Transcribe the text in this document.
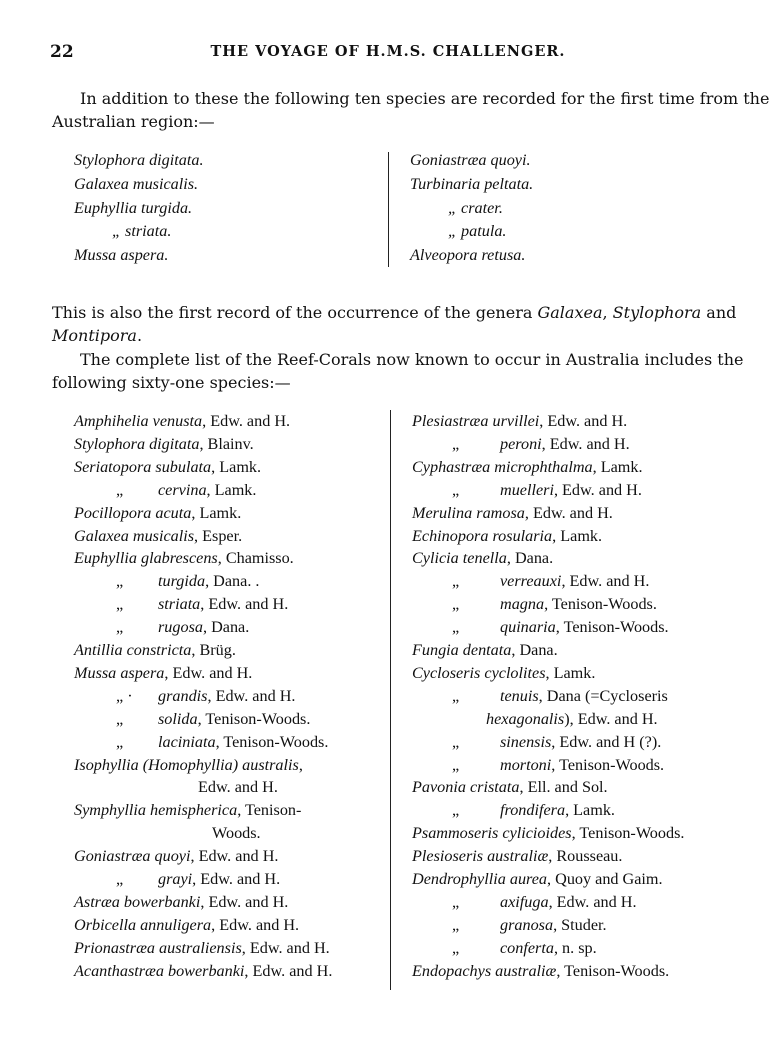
22	THE VOYAGE OF H.M.S. CHALLENGER.
In addition to these the following ten species are recorded for the first time from the
Australian region:—
Stylophora digitata.
Galaxea musicalis.
Euphyllia turgida.
„ striata.
Mussa aspera.
Goniastræa quoyi.
Turbinaria peltata.
„ crater.
„ patula.
Alveopora retusa.
This is also the first record of the occurrence of the genera Galaxea, Stylophora and
Montipora.
The complete list of the Reef-Corals now known to occur in Australia includes the
following sixty-one species:—
Amphihelia venusta, Edw. and H.
Stylophora digitata, Blainv.
Seriatopora subulata, Lamk.
„ cervina, Lamk.
Pocillopora acuta, Lamk.
Galaxea musicalis, Esper.
Euphyllia glabrescens, Chamisso.
„ turgida, Dana. .
„ striata, Edw. and H.
„ rugosa, Dana.
Antillia constricta, Brüg.
Mussa aspera, Edw. and H.
„ · grandis, Edw. and H.
„ solida, Tenison-Woods.
„ laciniata, Tenison-Woods.
Isophyllia (Homophyllia) australis,
Edw. and H.
Symphyllia hemispherica, Tenison-
Woods.
Goniastræa quoyi, Edw. and H.
„ grayi, Edw. and H.
Astræa bowerbanki, Edw. and H.
Orbicella annuligera, Edw. and H.
Prionastræa australiensis, Edw. and H.
Acanthastræa bowerbanki, Edw. and H.
Plesiastræa urvillei, Edw. and H.
„	peroni, Edw. and H.
Cyphastræa microphthalma, Lamk.
„	muelleri, Edw. and H.
Merulina ramosa, Edw. and H.
Echinopora rosularia, Lamk.
Cylicia tenella, Dana.
„	verreauxi, Edw. and H.
„	magna, Tenison-Woods.
„	quinaria, Tenison-Woods.
Fungia dentata, Dana.
Cycloseris cyclolites, Lamk.
„	tenuis, Dana (=Cycloseris
hexagonalis), Edw. and H.
„	sinensis, Edw. and H (?).
„	mortoni, Tenison-Woods.
Pavonia cristata, Ell. and Sol.
„	frondifera, Lamk.
Psammoseris cylicioides, Tenison-Woods.
Plesioseris australiæ, Rousseau.
Dendrophyllia aurea, Quoy and Gaim.
„	axifuga, Edw. and H.
„	granosa, Studer.
„	conferta, n. sp.
Endopachys australiæ, Tenison-Woods.
